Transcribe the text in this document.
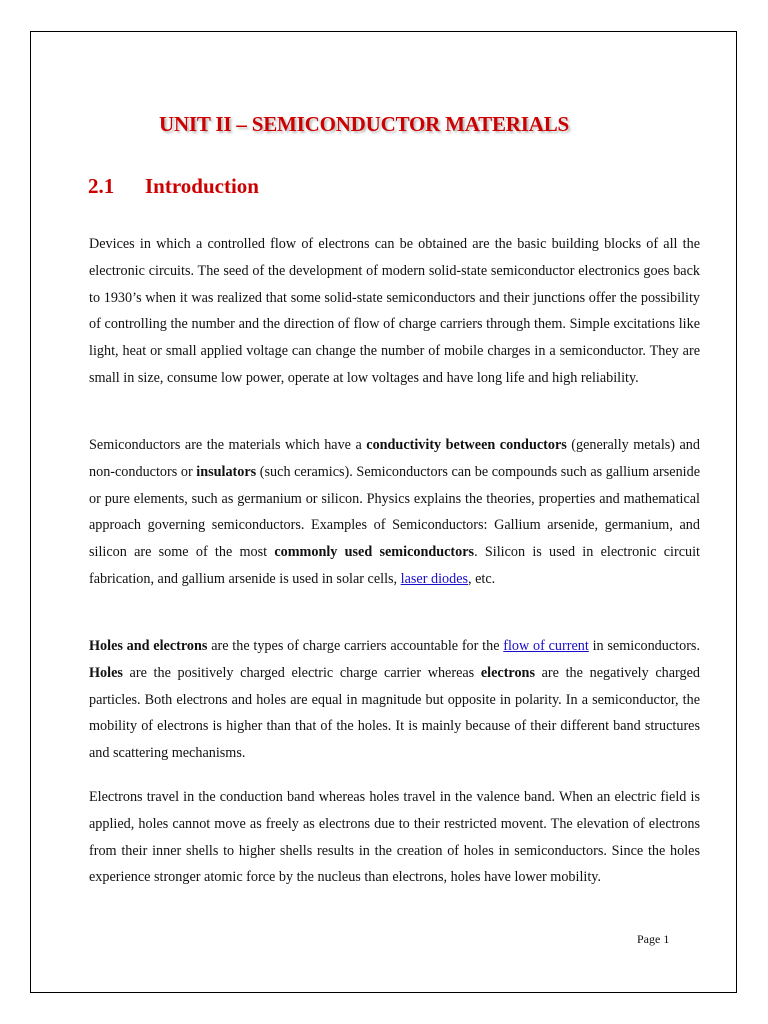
UNIT II – SEMICONDUCTOR MATERIALS
2.1 Introduction

Devices in which a controlled flow of electrons can be obtained are the basic building blocks of all the electronic circuits. The seed of the development of modern solid-state semiconductor electronics goes back to 1930’s when it was realized that some solid-state semiconductors and their junctions offer the possibility of controlling the number and the direction of flow of charge carriers through them. Simple excitations like light, heat or small applied voltage can change the number of mobile charges in a semiconductor. They are small in size, consume low power, operate at low voltages and have long life and high reliability.

Semiconductors are the materials which have a conductivity between conductors (generally metals) and non-conductors or insulators (such ceramics). Semiconductors can be compounds such as gallium arsenide or pure elements, such as germanium or silicon. Physics explains the theories, properties and mathematical approach governing semiconductors. Examples of Semiconductors: Gallium arsenide, germanium, and silicon are some of the most commonly used semiconductors. Silicon is used in electronic circuit fabrication, and gallium arsenide is used in solar cells, laser diodes, etc.

Holes and electrons are the types of charge carriers accountable for the flow of current in semiconductors. Holes are the positively charged electric charge carrier whereas electrons are the negatively charged particles. Both electrons and holes are equal in magnitude but opposite in polarity. In a semiconductor, the mobility of electrons is higher than that of the holes. It is mainly because of their different band structures and scattering mechanisms.

Electrons travel in the conduction band whereas holes travel in the valence band. When an electric field is applied, holes cannot move as freely as electrons due to their restricted movent. The elevation of electrons from their inner shells to higher shells results in the creation of holes in semiconductors. Since the holes experience stronger atomic force by the nucleus than electrons, holes have lower mobility.

Page 1
